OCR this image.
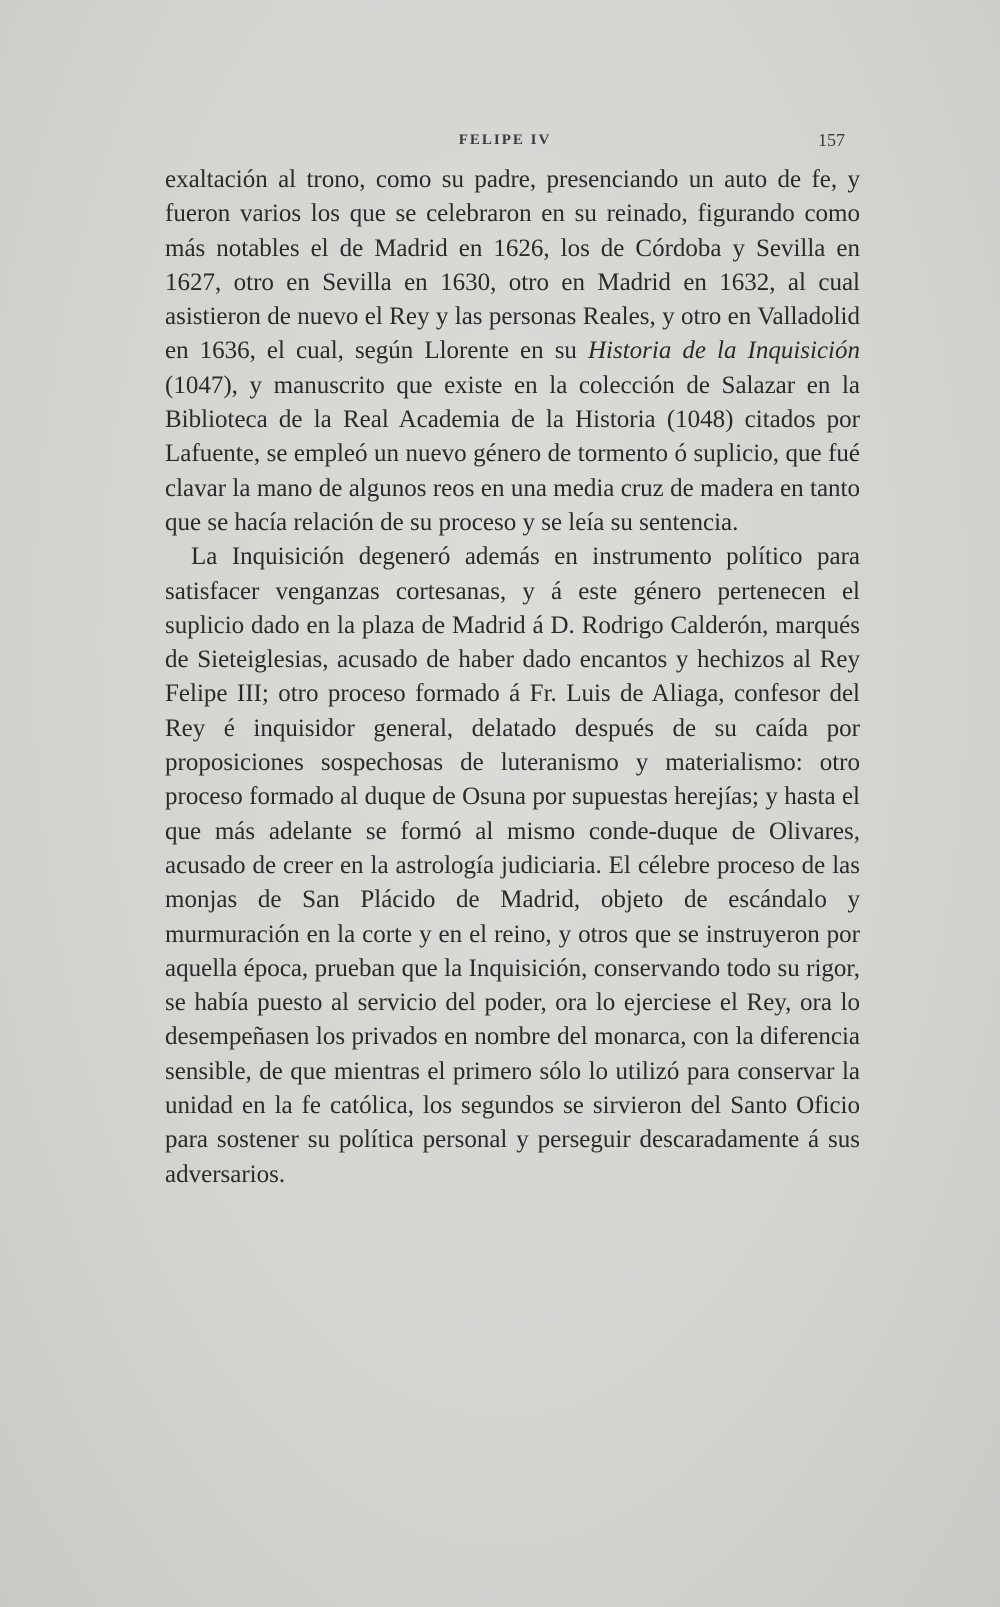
FELIPE IV	157

exaltación al trono, como su padre, presenciando un auto de fe, y fueron varios los que se celebraron en su reinado, figurando como más notables el de Madrid en 1626, los de Córdoba y Sevilla en 1627, otro en Sevilla en 1630, otro en Madrid en 1632, al cual asistieron de nuevo el Rey y las personas Reales, y otro en Valladolid en 1636, el cual, según Llorente en su Historia de la Inquisición (1047), y manuscrito que existe en la colección de Salazar en la Biblioteca de la Real Academia de la Historia (1048) citados por Lafuente, se empleó un nuevo género de tormento ó suplicio, que fué clavar la mano de algunos reos en una media cruz de madera en tanto que se hacía relación de su proceso y se leía su sentencia.

La Inquisición degeneró además en instrumento político para satisfacer venganzas cortesanas, y á este género pertenecen el suplicio dado en la plaza de Madrid á D. Rodrigo Calderón, marqués de Sieteiglesias, acusado de haber dado encantos y hechizos al Rey Felipe III; otro proceso formado á Fr. Luis de Aliaga, confesor del Rey é inquisidor general, delatado después de su caída por proposiciones sospechosas de luteranismo y materialismo: otro proceso formado al duque de Osuna por supuestas herejías; y hasta el que más adelante se formó al mismo conde-duque de Olivares, acusado de creer en la astrología judiciaria. El célebre proceso de las monjas de San Plácido de Madrid, objeto de escándalo y murmuración en la corte y en el reino, y otros que se instruyeron por aquella época, prueban que la Inquisición, conservando todo su rigor, se había puesto al servicio del poder, ora lo ejerciese el Rey, ora lo desempeñasen los privados en nombre del monarca, con la diferencia sensible, de que mientras el primero sólo lo utilizó para conservar la unidad en la fe católica, los segundos se sirvieron del Santo Oficio para sostener su política personal y perseguir descaradamente á sus adversarios.
